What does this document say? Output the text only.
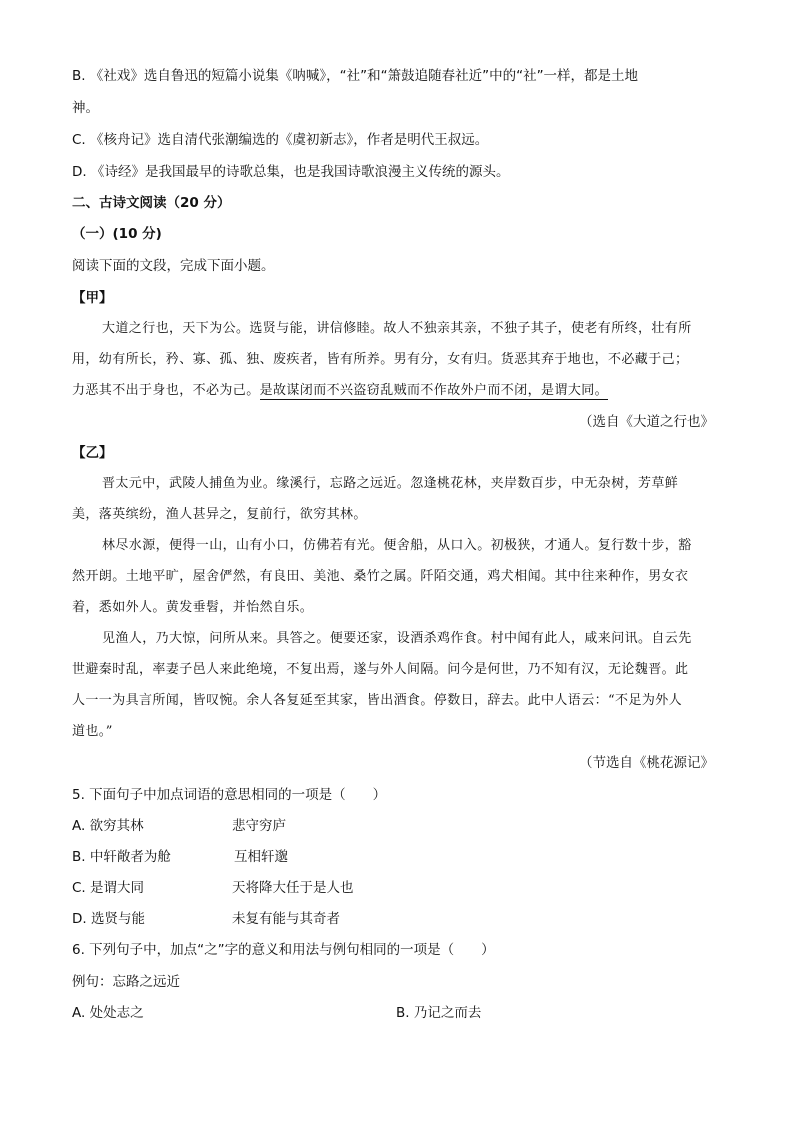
B. 《社戏》选自鲁迅的短篇小说集《呐喊》，“社”和“箫鼓追随春社近”中的“社”一样，都是土地
神。
C. 《核舟记》选自清代张潮编选的《虞初新志》，作者是明代王叔远。
D. 《诗经》是我国最早的诗歌总集，也是我国诗歌浪漫主义传统的源头。
二、古诗文阅读（20 分）
（一）(10 分)
阅读下面的文段，完成下面小题。
【甲】
大道之行也，天下为公。选贤与能，讲信修睦。故人不独亲其亲，不独子其子，使老有所终，壮有所
用，幼有所长，矜、寡、孤、独、废疾者，皆有所养。男有分，女有归。货恶其弃于地也，不必藏于己；
力恶其不出于身也，不必为己。是故谋闭而不兴盗窃乱贼而不作故外户而不闭，是谓大同。
（选自《大道之行也》
【乙】
晋太元中，武陵人捕鱼为业。缘溪行，忘路之远近。忽逢桃花林，夹岸数百步，中无杂树，芳草鲜
美，落英缤纷，渔人甚异之，复前行，欲穷其林。
林尽水源，便得一山，山有小口，仿佛若有光。便舍船，从口入。初极狭，才通人。复行数十步，豁
然开朗。土地平旷，屋舍俨然，有良田、美池、桑竹之属。阡陌交通，鸡犬相闻。其中往来种作，男女衣
着，悉如外人。黄发垂髫，并怡然自乐。
见渔人，乃大惊，问所从来。具答之。便要还家，设酒杀鸡作食。村中闻有此人，咸来问讯。自云先
世避秦时乱，率妻子邑人来此绝境，不复出焉，遂与外人间隔。问今是何世，乃不知有汉，无论魏晋。此
人一一为具言所闻，皆叹惋。余人各复延至其家，皆出酒食。停数日，辞去。此中人语云：“不足为外人
道也。”
（节选自《桃花源记》
5. 下面句子中加点词语的意思相同的一项是（　　）
A. 欲穷其林	悲守穷庐
B. 中轩敞者为舱	互相轩邈
C. 是谓大同	天将降大任于是人也
D. 选贤与能	未复有能与其奇者
6. 下列句子中，加点“之”字的意义和用法与例句相同的一项是（　　）
例句：忘路之远近
A. 处处志之	B. 乃记之而去
